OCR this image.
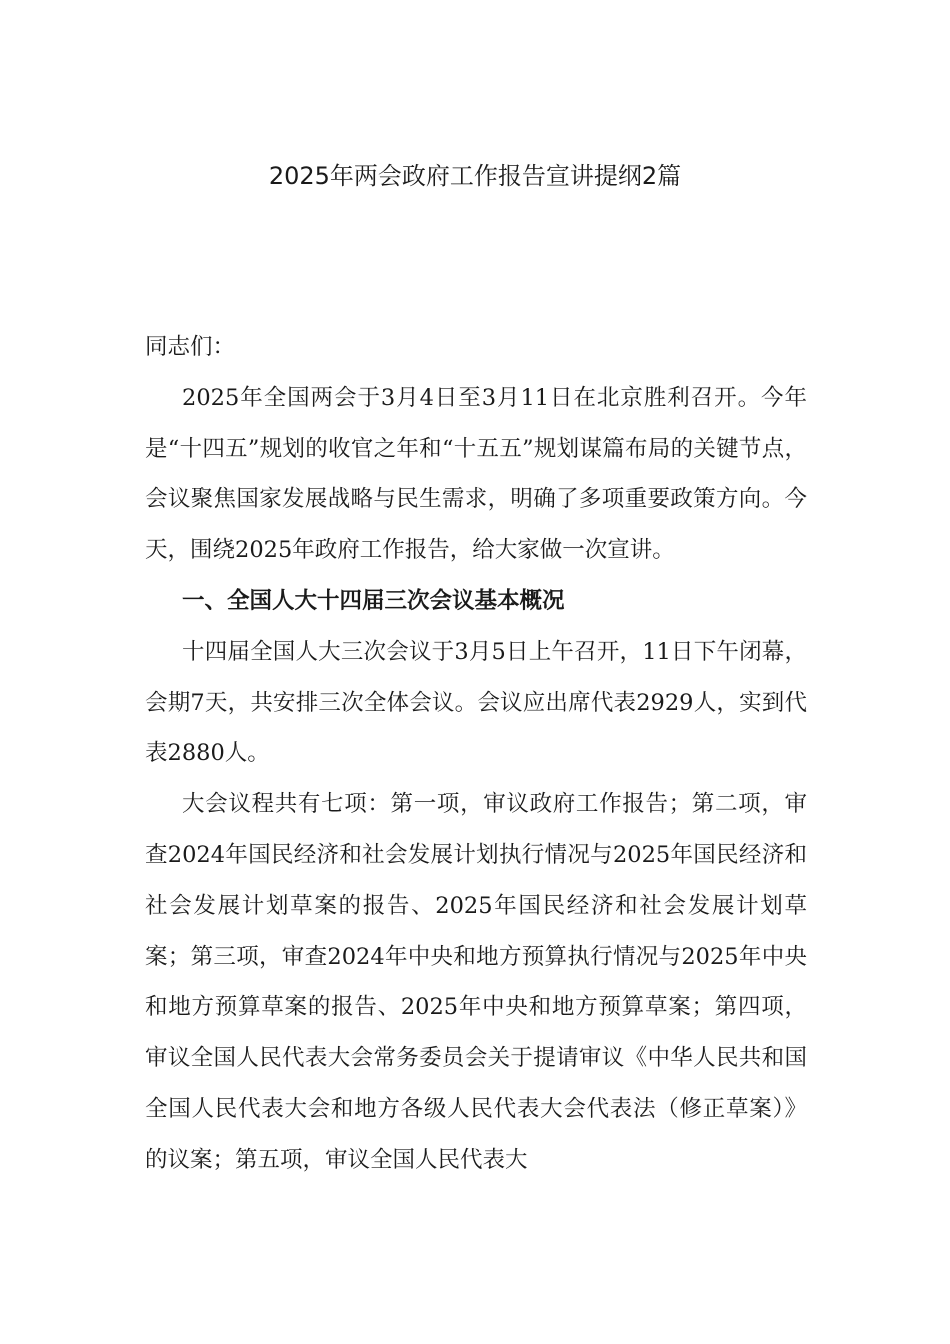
2025年两会政府工作报告宣讲提纲2篇

同志们：

2025年全国两会于3月4日至3月11日在北京胜利召开。今年是“十四五”规划的收官之年和“十五五”规划谋篇布局的关键节点，会议聚焦国家发展战略与民生需求，明确了多项重要政策方向。今天，围绕2025年政府工作报告，给大家做一次宣讲。

一、全国人大十四届三次会议基本概况

十四届全国人大三次会议于3月5日上午召开，11日下午闭幕，会期7天，共安排三次全体会议。会议应出席代表2929人，实到代表2880人。

大会议程共有七项：第一项，审议政府工作报告；第二项，审查2024年国民经济和社会发展计划执行情况与2025年国民经济和社会发展计划草案的报告、2025年国民经济和社会发展计划草案；第三项，审查2024年中央和地方预算执行情况与2025年中央和地方预算草案的报告、2025年中央和地方预算草案；第四项，审议全国人民代表大会常务委员会关于提请审议《中华人民共和国全国人民代表大会和地方各级人民代表大会代表法（修正草案）》的议案；第五项，审议全国人民代表大
